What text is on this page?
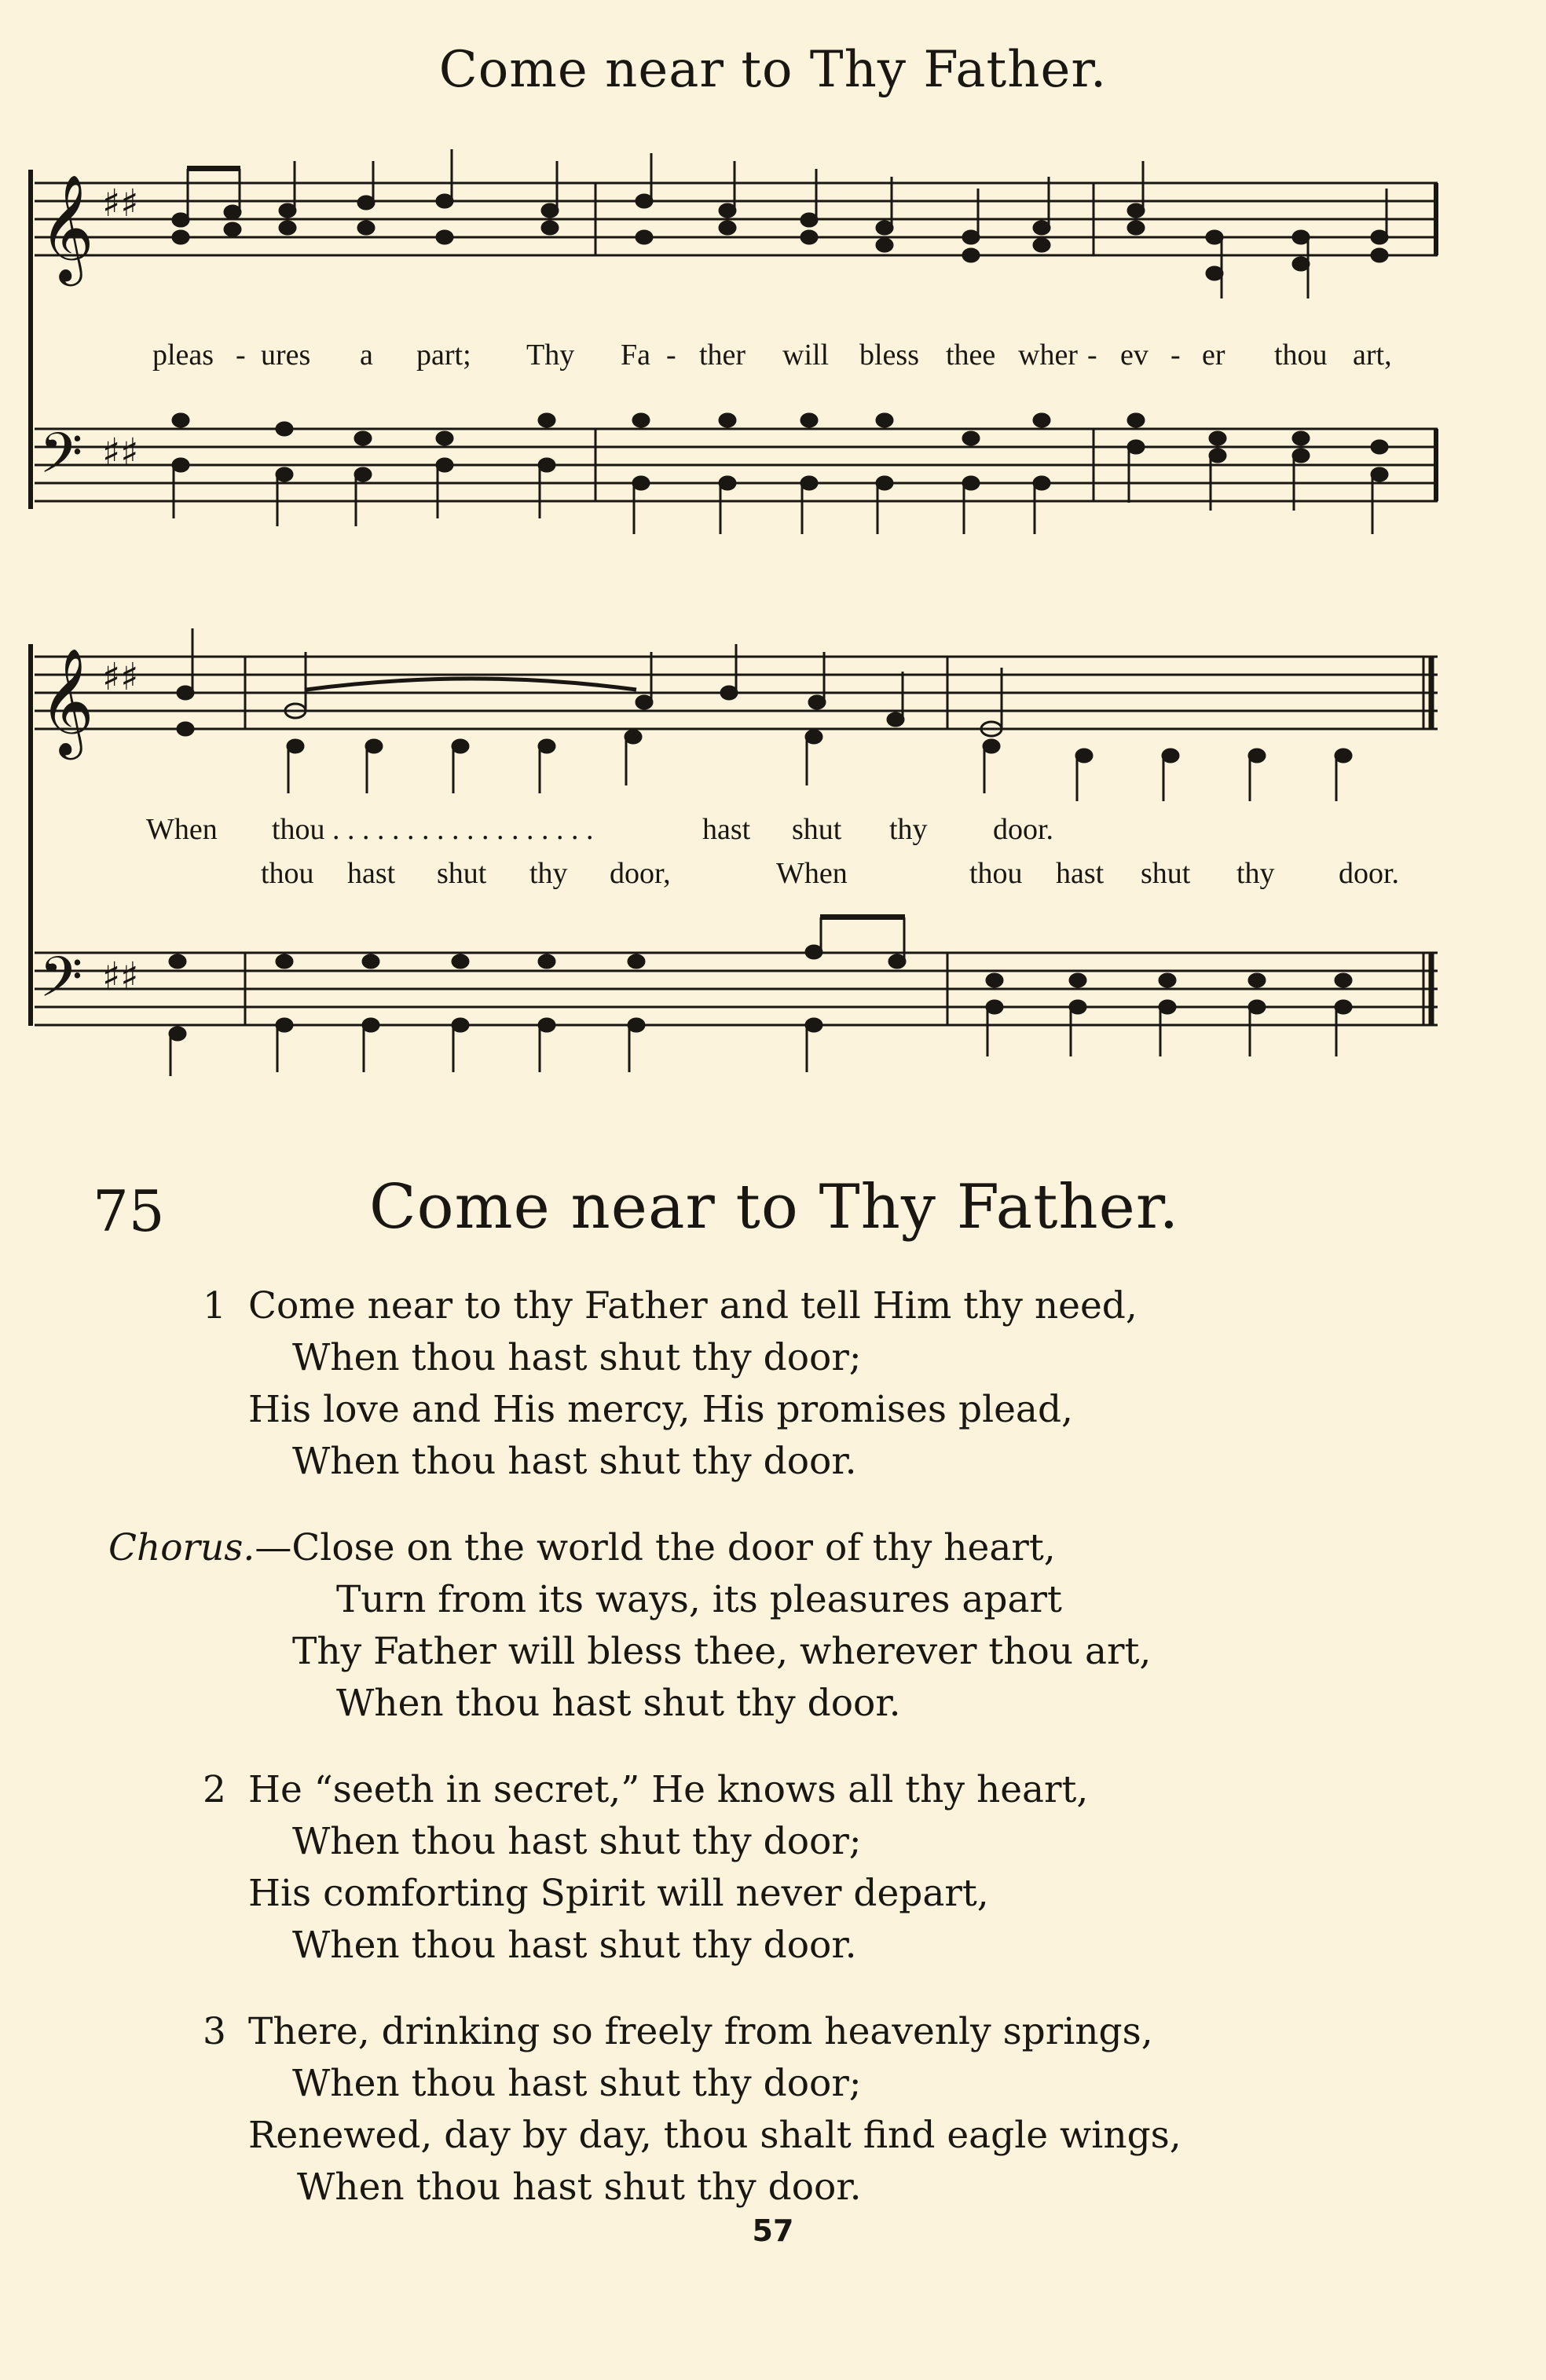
Come near to Thy Father.
𝄞 ♯♯
𝄢 ♯♯
𝄞 ♯♯
𝄢 ♯♯
pleas - ures a part; Thy Fa - ther will bless thee wher - ev - er thou art,
When thou . . . . . . . . . . . . . . . . . .	hast shut thy door.
thou hast shut thy door,	When	thou hast shut thy door.
75	Come near to Thy Father.
1 Come near to thy Father and tell Him thy need,
When thou hast shut thy door;
His love and His mercy, His promises plead,
When thou hast shut thy door.
Chorus.—Close on the world the door of thy heart,
Turn from its ways, its pleasures apart
Thy Father will bless thee, wherever thou art,
When thou hast shut thy door.
2 He “seeth in secret,” He knows all thy heart,
When thou hast shut thy door;
His comforting Spirit will never depart,
When thou hast shut thy door.
3 There, drinking so freely from heavenly springs,
When thou hast shut thy door;
Renewed, day by day, thou shalt find eagle wings,
When thou hast shut thy door.
57
